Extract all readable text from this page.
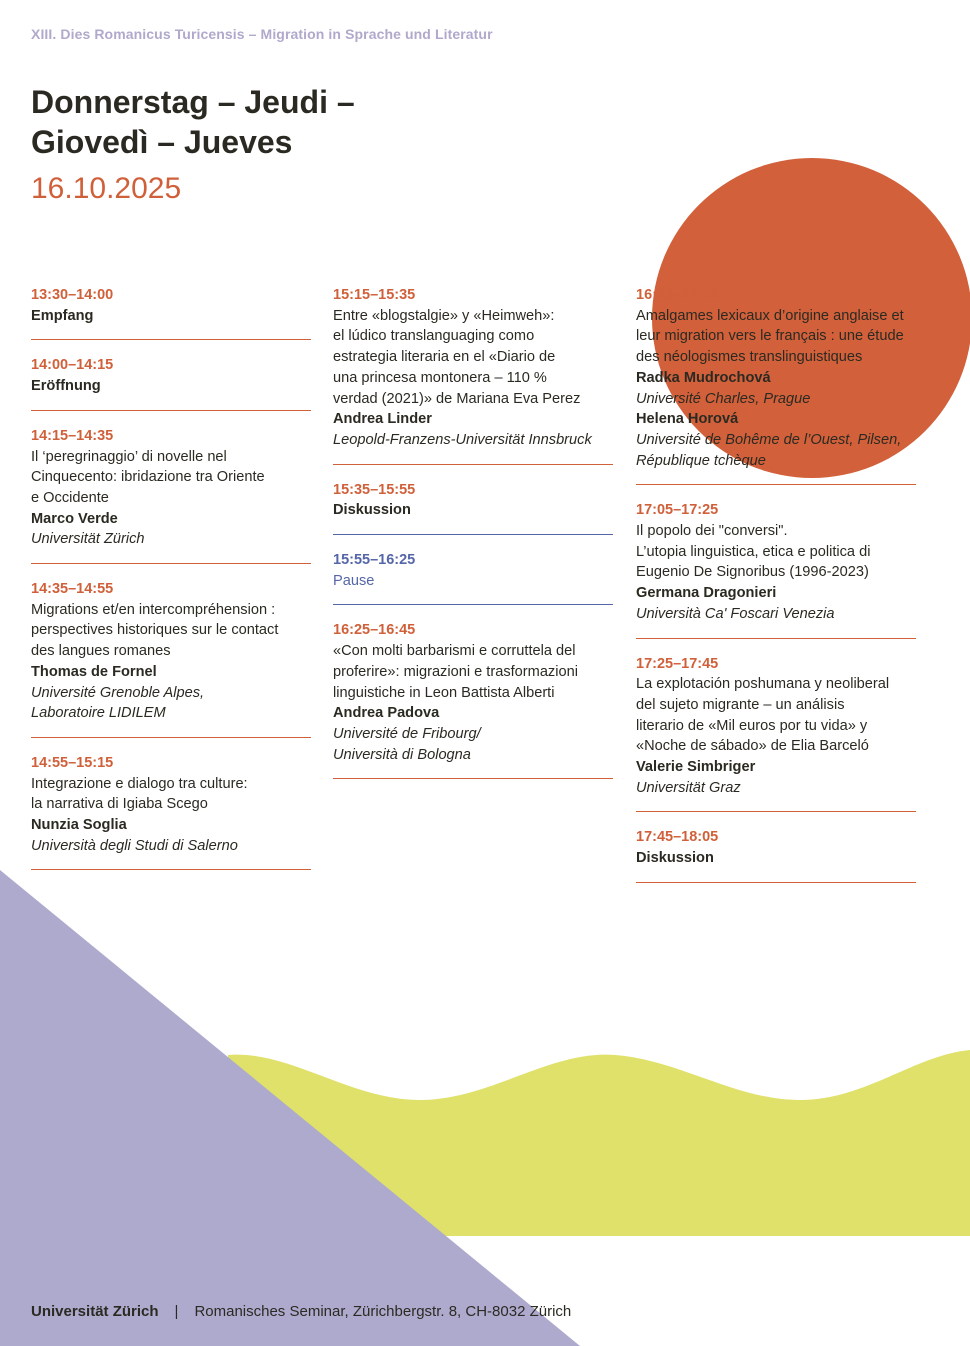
XIII. Dies Romanicus Turicensis – Migration in Sprache und Literatur
Donnerstag – Jeudi –
Giovedì – Jueves
16.10.2025
13:30–14:00
Empfang
14:00–14:15
Eröffnung
14:15–14:35
Il ‘peregrinaggio’ di novelle nel
Cinquecento: ibridazione tra Oriente
e Occidente
Marco Verde
Universität Zürich
14:35–14:55
Migrations et/en intercompréhension :
perspectives historiques sur le contact
des langues romanes
Thomas de Fornel
Université Grenoble Alpes,
Laboratoire LIDILEM
14:55–15:15
Integrazione e dialogo tra culture:
la narrativa di Igiaba Scego
Nunzia Soglia
Università degli Studi di Salerno
15:15–15:35
Entre «blogstalgie» y «Heimweh»:
el lúdico translanguaging como
estrategia literaria en el «Diario de
una princesa montonera – 110 %
verdad (2021)» de Mariana Eva Perez
Andrea Linder
Leopold-Franzens-Universität Innsbruck
15:35–15:55
Diskussion
15:55–16:25
Pause
16:25–16:45
«Con molti barbarismi e corruttela del
proferire»: migrazioni e trasformazioni
linguistiche in Leon Battista Alberti
Andrea Padova
Université de Fribourg/
Università di Bologna
16:45–17:05
Amalgames lexicaux d’origine anglaise et
leur migration vers le français : une étude
des néologismes translinguistiques
Radka Mudrochová
Université Charles, Prague
Helena Horová
Université de Bohême de l’Ouest, Pilsen,
République tchèque
17:05–17:25
Il popolo dei "conversi".
L’utopia linguistica, etica e politica di
Eugenio De Signoribus (1996-2023)
Germana Dragonieri
Università Ca' Foscari Venezia
17:25–17:45
La explotación poshumana y neoliberal
del sujeto migrante – un análisis
literario de «Mil euros por tu vida» y
«Noche de sábado» de Elia Barceló
Valerie Simbriger
Universität Graz
17:45–18:05
Diskussion
Universität Zürich | Romanisches Seminar, Zürichbergstr. 8, CH-8032 Zürich
